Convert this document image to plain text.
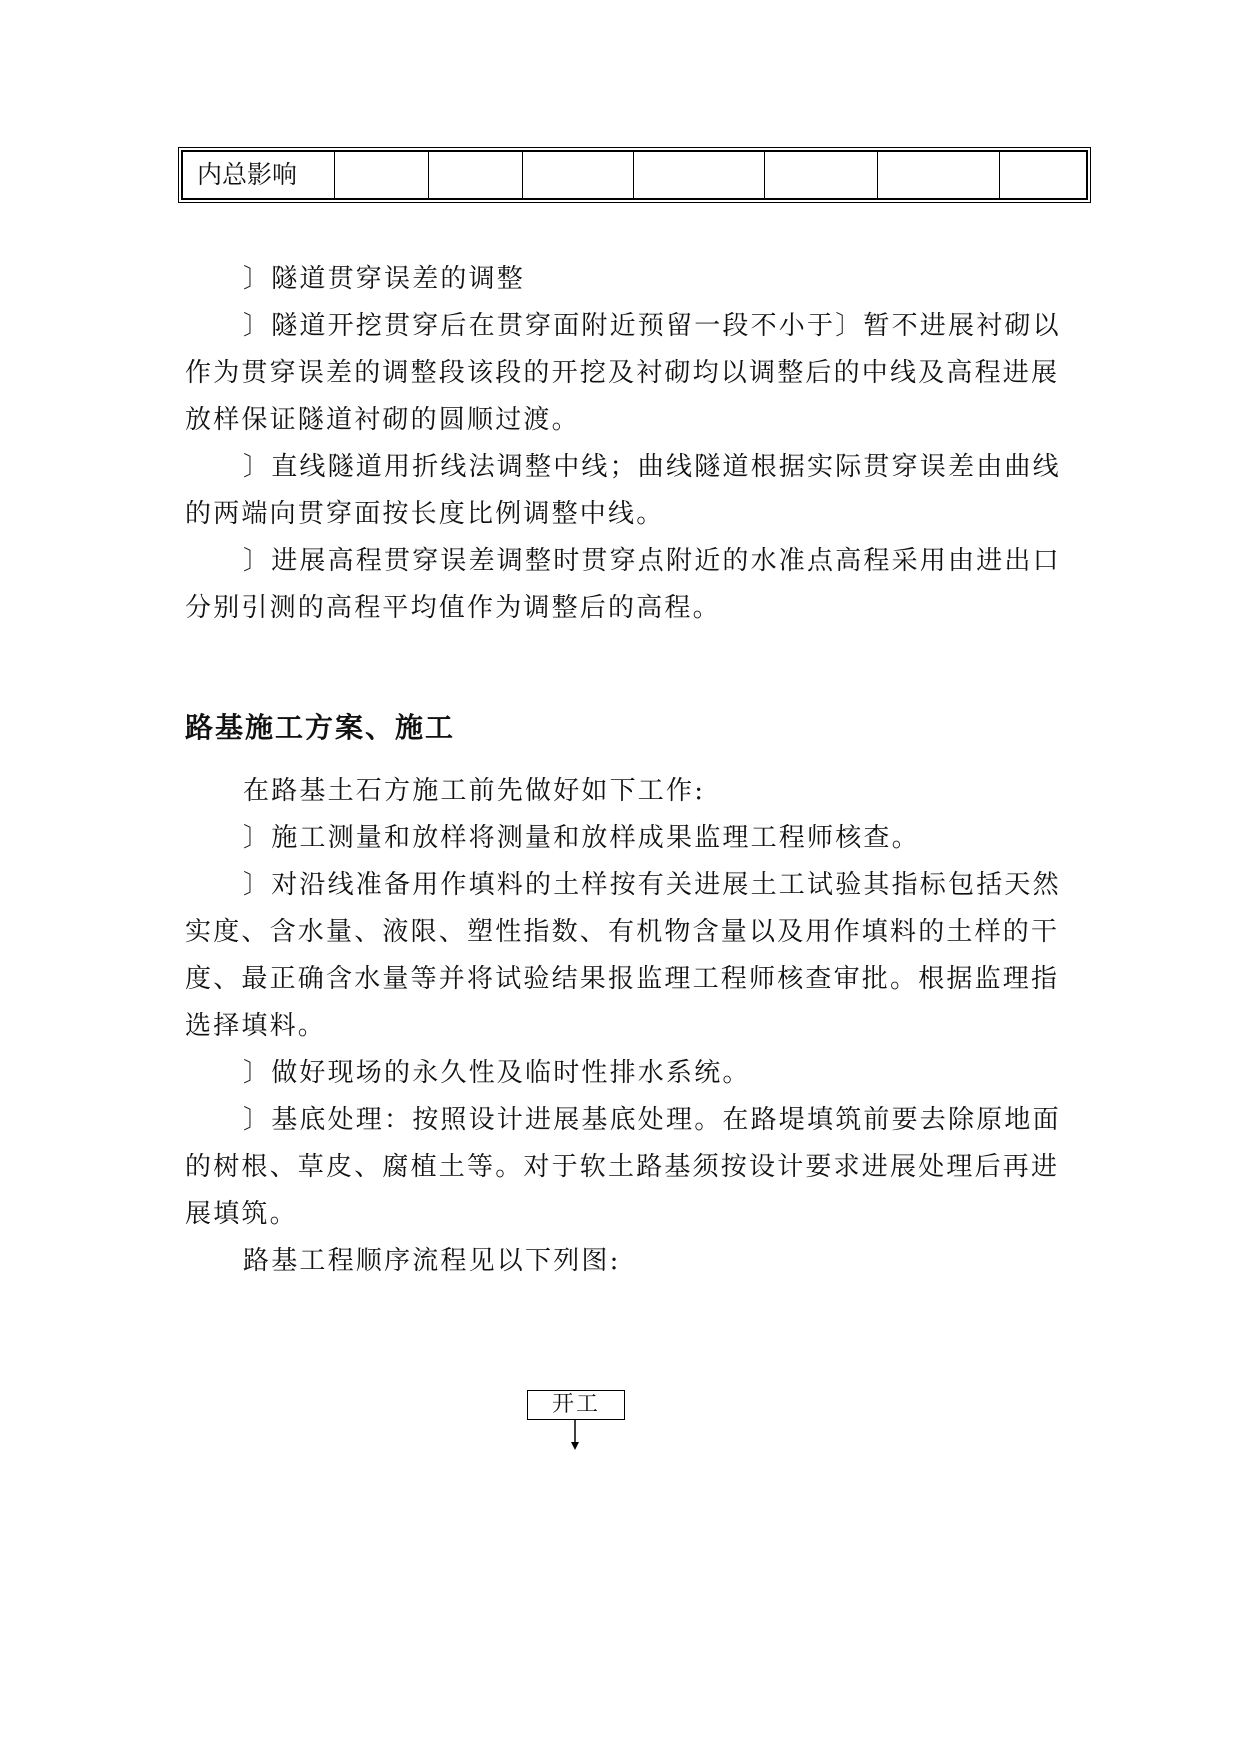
内总影响							
〕隧道贯穿误差的调整
〕隧道开挖贯穿后在贯穿面附近预留一段不小于〕暂不进展衬砌以
作为贯穿误差的调整段该段的开挖及衬砌均以调整后的中线及高程进展
放样保证隧道衬砌的圆顺过渡。
〕直线隧道用折线法调整中线；曲线隧道根据实际贯穿误差由曲线
的两端向贯穿面按长度比例调整中线。
〕进展高程贯穿误差调整时贯穿点附近的水准点高程采用由进出口
分别引测的高程平均值作为调整后的高程。
路基施工方案、施工
在路基土石方施工前先做好如下工作:
〕施工测量和放样将测量和放样成果监理工程师核查。
〕对沿线准备用作填料的土样按有关进展土工试验其指标包括天然
实度、含水量、液限、塑性指数、有机物含量以及用作填料的土样的干
度、最正确含水量等并将试验结果报监理工程师核查审批。根据监理指
选择填料。
〕做好现场的永久性及临时性排水系统。
〕基底处理：按照设计进展基底处理。在路堤填筑前要去除原地面
的树根、草皮、腐植土等。对于软土路基须按设计要求进展处理后再进
展填筑。
路基工程顺序流程见以下列图:
开工
